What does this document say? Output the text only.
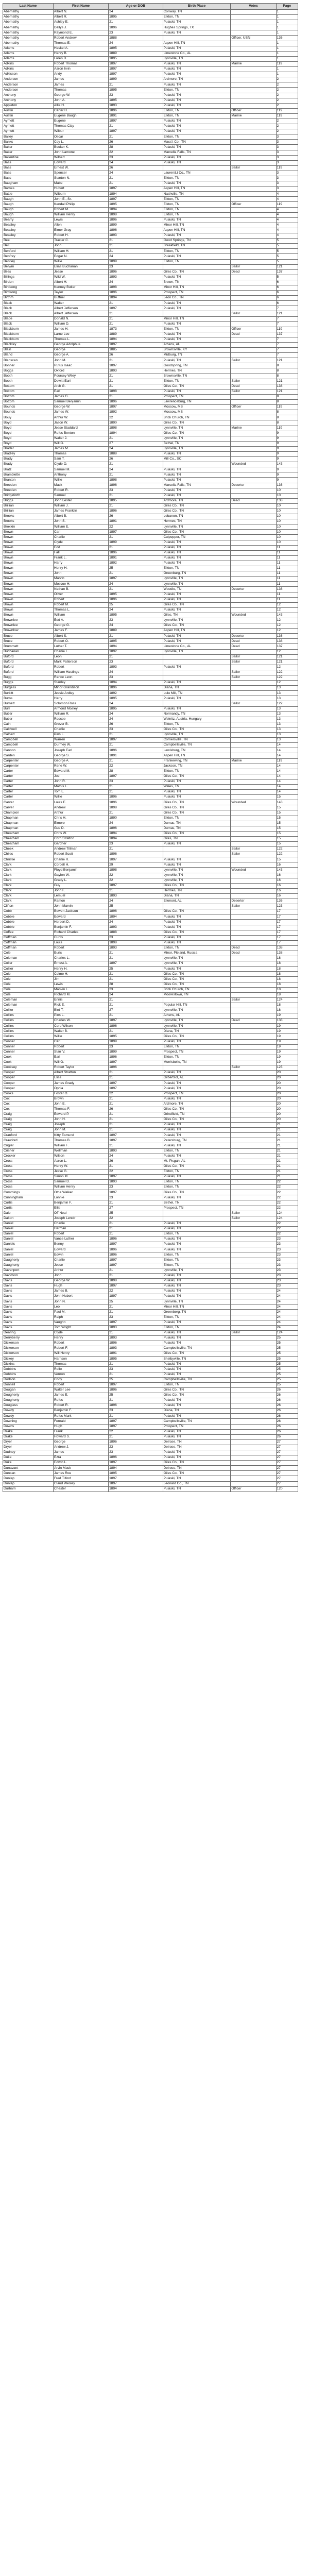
Last Name	First Name	Age or DOB	Birth Place	Votes	Page
Abernathy	Albert N.	24	Conway, TN		1
Abernathy	Albert R.	1895	Elkton, TN		1
Abernathy	Ashley E.	21	Pulaski, TN		1
Abernathy	Dallys J.	1896	Hughes Springs, TX		1
Abernathy	Raymond E.	23	Pulaski, TN		1
Abernathy	Robert Andrew	1888		Officer, USN	136
Abernathy	Thomas E.	24	Aspen Hill, TN		1
Adams	Haskel A.	1895	Pulaski, TN		1
Adams	Henry B.	1889	Limestone Co., AL		1
Adams	Loren D.	1895	Lynnville, TN		1
Adkins	Robert Thomas	1897	Pulaski, TN	Marine	119
Adkins	Aaron Irvin	1897	Pulaski, TN		1
Adkisson	Andy	1897	Pulaski, TN		1
Anderson	James	1899	Ardmore, TN		2
Anderson	James	21	Pulaski, TN		2
Anderson	Thomas	1895	Elkton, TN		2
Anthony	George W.	23	Pulaski, TN		2
Anthony	John A.	1895	Pulaski, TN		2
Appleton	Allie H.	1893	Pulaski, TN		2
Austin	Carter H.	1896	Elkton, TN	Officer	119
Austin	Eugene Baugh	1891	Elkton, TN	Marine	119
Aymett	Eugene	1897	Pulaski, TN		2
Aymett	Thomas Clay	21	Pulaski, TN		2
Aymett	Wilbur	1897	Pulaski, TN		2
Bailey	Oscar	21	Elkton, TN		3
Banks	Coy L.	26	Mass't Co., TN		3
Baker	Booker K.	28	Pulaski, TN		3
Baker	John Lamone	22	Marcella Falls, TN		3
Ballentine	Wilbert	23	Pulaski, TN		3
Bass	Edward	24	Pulaski, TN		3
Bass	Ernest W.	26		Sailor	119
Bass	Spencer	24	Lauren/Lt Co., TN		3
Bass	Stanton N.	21	Elkton, TN		3
Baugham	Mabe	21	Pulaski, TN		3
Barnes	Hubert	1897	Aspen Hill, TN		3
Battle	Wilburn	1894	Nashville, TN		4
Baugh	John E., Sr.	1897	Elkton, TN		4
Baugh	Kendall Philip	1895	Elkton, TN	Officer	119
Baugh	Robert M.	1894	Elkton, TN		4
Baugh	William Henry	1898	Elkton, TN		4
Bearry	Lewis	1896	Pulaski, TN		4
Beasley	Allen	1899	Minor Hill, TN		4
Beasley	Elmer Gray	1896	Aspen Hill, TN		4
Beasley	Robert H.	1893	Pulaski, TN		4
Bee	Tracier C.	21	Good Springs, TN		5
Bell	John	21	Breakfield, TN		5
Benford	William H.	21	Elkton, TN		5
Benfrey	Edgar N.	24	Pulaski, TN		5
Bentley	Willie	1899	Elkton, TN		5
Berwin	Elias Buchanan	23		Sailor	121
Biles	Jesse	1896	Giles Co., TN	Dead	137
Billings	Wild W.	1893	Pulaski, TN		5
Birden	Albert H.	24	Brown, TN		6
Birdsong	Kenney Butler	1898	Minor Hill, TN		6
Birdsong	Taylor	1896	Prospect, TN		6
Birthm	Buffuel	1894	Leon Co., TN		6
Black	Walter	21	Pulaski, TN		6
Black	Albert Jefferson	1897	Pulaski, TN		7
Black	Albert Jefferson	21		Sailor	121
Blade	Donald N.	21	Minor Hill, TN		7
Black	William D.	21	Pulaski, TN		7
Blackburn	James H.	1873	Elkton, TN	Officer	119
Blackburn	Larne Lee	1889	Pulaski, TN	Dead	137
Blackburn	Thomas L.	1894	Pulaski, TN		7
Blackley	George Adolphus	1897	Athens, AL		7
Blain	George	1885	Brownsville, KY		7
Bland	George A.	26	Midburg, TN		7
Blanscan	John M.	21	Pulaski, TN	Sailor	121
Bonner	Rufus Isaac	1897	Goodspring, TN		8
Boggs	Oxford	1893	Hermes, TN		8
Booth	Poursey Wiley	21	Brownsville, TN		8
Booth	Dewitt Earl	21	Elkton, TN	Sailor	121
Bottom	Arch G.	21	Giles Co., TN	Dead	138
Bottom	Earl	1898	Pulaski, TN	Sailor	121
Bottom	James G.	21	Prospect, TN		8
Bottom	Samuel Benjamin	1896	Lawrenceburg, TN		8
Bounds	George W.	1897	Moscow, MS	Officer	119
Bounds	James W.	1892	Moscow, MS		8
Bouy	Arthur W.	22	Brick Church, TN		8
Boyd	Jason W.	1890	Giles Co., TN		8
Boyd	Jesse Staddard	1898	Lynnville, TN	Marine	119
Boyd	Rufus Benton	1894	Giles Co., TN		9
Boyd	Walter J.	21	Lynnville, TN		9
Boyd	Will G.	27	Bethel, TN		9
Brader	James M.	24	Lynnville, TN		9
Bradley	Thomas	1888	Pulaski, TN		9
Brady	Sam T.	26	Mill Co., SC		9
Brady	Clyde O.	21		Wounded	143
Bratz	Samuel M.	24	Pulaski, TN		9
Bramblette	Anthony	21	Pulaski, TN		9
Branton	Willie	1898	Pulaski, TN		9
Breeden	Mack	1896	Marcella Falls, TN	Deserter	136
Breeden	Robert R.	23	Pulaski, TN		10
Bridgeforth	Samuel	21	Pulaski, TN		10
Briggs	John Lester	1895	Ardmore, TN	Dead	138
Brillian	William J.	21	Giles Co., TN		10
Brillian	James Franklin	1896	Giles Co., TN		10
Brooks	Albert B.	26	Lebanon, TN		10
Brooks	John S.	1891	Hermes, TN		10
Broxkin	William E.	22	Lynnville, TN		10
Brown	Carl	1897	Giles Co., TN		10
Brown	Charlie	21	Culpepper, TN		10
Brown	Clyde	1899	Pulaski, TN		10
Brown	Edd	21	Pulaski, TN		11
Brown	Fall	1896	Pulaski, TN		11
Brown	Frank L.	1891	Pulaski, TN		11
Brown	Harry	1892	Pulaski, TN		11
Brown	Henry H.	25	Elkton, TN		11
Brown	John	21	Greenburg, TN		11
Brown	Marvin	1897	Lynnville, TN		11
Brown	Moscoe H.	24	Lynnville, TN		11
Brown	Nathan B.	21	Woodlo, TN	Deserter	136
Brown	Oliver	1895	Pulaski, TN		11
Brown	Robert	1896	Pulaski, TN		11
Brown	Robert M.	25	Giles Co., TN		12
Brown	Thomas L.	24	Pulaski, TN		12
Brown	William	1895	Giles, TN	Wounded	143
Brownlee	Edd A.	23	Lynnville, TN		12
Brownlee	George G.	24	Giles Co., TN		12
Brownlow	James F.	1889	Aspen Hill, TN		12
Bruce	Albert S.	21	Pulaski, TN	Deserter	136
Bruce	Robert O.	1895	Pulaski, TN	Dead	138
Brummett	Luther T.	1894	Limestone Co., AL	Dead	137
Buchanan	Charlie L.	1892	Lynnville, TN		12
Buford	Leon	21		Sailor	121
Buford	Mark Patterson	23		Sailor	121
Buford	Robert	1893	Pulaski, TN		12
Buford	William Hastings	24		Sailor	122
Bugg	Rance Leon	23		Sailor	122
Buggs	Stanley	1894	Pulaski, TN		12
Burgess	Minor Grandison	1896	Diana, TN		13
Burkitt	Jessie Ardley	1892	Lulu Mill, TN		13
Burns	Harry	1895	Pulaski, TN		13
Burnett	Solomon Ross	24		Sailor	122
Burr	Armond Mosley	1895	Pulaski, TN		13
Butler	William R.	24	Normandy, TN		13
Butler	Roscoe	24	Weinitz, Austria, Hungary		13
Cain	Grover B.	26	Elkton, TN		13
Caldwell	Charlie	23	Giles Co., TN		13
Calbert	Pins L.	21	Lynnville, TN		13
Campbell	Warren	1897	Cornersville, TN		13
Campbell	Durmey W.	21	Campbellsville, TN		14
Cannon	Joseph Earl	1896	Lewisburg, TN		14
Carden	George S.	1891	Aspen Hill, TN		14
Carpenter	George A.	21	Frankewing, TN	Marine	119
Carpenter	Rene W.	22	Jackson, TN		14
Carter	Edward M.	28	Elkton, TN		14
Carter	Joe	1897	Giles Co., TN		14
Carter	John R.	23	Pulaski, TN		14
Carter	Mathis L.	21	Wales, TN		14
Carter	Tom L.	21	Pulaski, TN		14
Carter	Willie	1896	Pulaski, TN		15
Carver	Louis E.	1896	Giles Co., TN	Wounded	143
Carver	Andrew	1898	Giles Co., TN		15
Champion	Arthur	21	Giles Co., TN		15
Chapman	Chris H.	1890	Elkton, TN		15
Chapman	Elmore	24	Dumas, TN		15
Chapman	Gus D.	1896	Dumas, TN		15
Cheatham	Chris W.	1894	Giles Co., TN		15
Cheatham	Corn Stratton	1894	Giles, TN		15
Cheatham	Gardner	23	Pulaski, TN		15
Cheek	Andrew Tillman	21		Sailor	122
Chiles	Robert Scott	1896		Sailor	122
Christie	Charlie R.	1897	Pulaski, TN		15
Clark	Cordell H.	29	Pulaski, TN		16
Clark	Floyd Benjamin	1898	Lynnville, TN	Wounded	143
Clark	Gaylon W.	22	Lynnville, TN		16
Clark	Grady L.	22	Lynnville, TN		16
Clark	Guy	1897	Giles Co., TN		16
Clark	John F.	21	Hermes, TN		16
Clark	Lemuel	1893	Diana, TN		16
Clark	Ramon	24	Elkmont, AL	Deserter	136
Clifton	John Marvin	25		Sailor	123
Cobb	Bowen Jackson	1896	Giles Co., TN		17
Cobble	Edward	1894	Pulaski, TN		17
Cobble	Herbert D.	24	Pulaski, TN		17
Cobble	Benjamin F.	1893	Pulaski, TN		17
Coffee	Richard Charles	1888	Giles Co., TN		17
Coffman	Curtis	23	Pulaski, TN		17
Coffman	Louis	1898	Pulaski, TN		17
Coffman	Robert	1893	Elkton, TN	Dead	138
Cole	Euris	21	Minor, Pleland, Russia	Dead	138
Coleman	Charles L.	21	Lynnville, TN		18
Coller	Ernest A.	1897	Lynnville, TN		18
Collier	Henry H.	25	Pulaski, TN		18
Cole	Colme H.	21	Giles Co., TN		18
Cole	Jim	21	Giles Co., TN		18
Cole	Lewis	28	Giles Co., TN		18
Cole	Manvin L.	23	Brick Church, TN		18
Cole	Richard M.	24	Moorestown, TN		18
Coleman	Ennis	21		Sailor	124
Coleman	Rick E.	21	Popular Hill, TN		18
Collier	Bird T.	27	Lynnville, TN		18
Collins	Pins L.	21	Athens, AL		19
Collins	Charles W.	1897	Lynnville, TN	Dead	138
Collins	Cord Wilson	1896	Lynnville, TN		19
Collins	Walter B.	21	Diana, TN		19
Collins	Willie	1895	Giles Co., TN		19
Conner	Carl	1899	Pulaski, TN		19
Conner	Robert	23	Elkton, TN		19
Conner	Starr V.	1899	Prospect, TN		19
Cook	Earl	1896	Elkton, TN		19
Cook	Will O.	1897	Morrisbelle, TN		19
Cooksey	Robert Taylor	1896		Sailor	123
Cooper	Albert Stratton	21	Pulaski, TN		20
Cooper	Eliss	21	Gilbertsol, AL		20
Cooper	James Grady	1897	Pulaski, TN		20
Cooper	Ophia	1897	Pulaski, TN		20
Cooks	Foster O.	22	Prospect, TN		20
Cox	Brown	21	Pulaski, TN		20
Cox	John E.	21	Ardmore, TN		20
Cox	Thomas F.	26	Giles Co., TN		20
Craig	Edward P.	21	Grindfield, TN		20
Craig	John H.	21	Giles Co., TN		20
Craig	Joseph	21	Pulaski, TN		21
Craig	John M.	21	Pulaski, TN		21
Cranford	Kitty Esmund	1897	Pulaski, TN		21
Crawford	Thomas B.	1897	Petersburg, TN		21
Crigler	William F.	21	Pulaski, TN		21
Crisher	Wellman	1893	Elkton, TN		21
Crocker	Wilson	24	Pulaski, TN		21
Cross	Aaron L.	26	Mt. Pisgah, AL		21
Cross	Henry W.	21	Giles Co., TN		21
Cross	Jesse G.	22	Elkton, TN		21
Cross	Simon M.	1897	Pulaski, TN		21
Cross	Samuel D.	1893	Elkton, TN		22
Cross	William Henry	23	Elkton, TN		22
Cummings	Otha Walker	1897	Giles Co., TN		22
Cunningham	Lonnie	23	Pulaski, TN		22
Curtis	Benjamin F.	21	Bethel, TN		22
Curtis	Ellis	27	Prospect, TN		22
Dale	Off Neal	25		Sailor	124
Dalton	Joseph Lenoir	22		Sailor	124
Daniel	Charlie	21	Pulaski, TN		22
Daniel	Herman	21	Pulaski, TN		22
Daniel	Robert	21	Elkton, TN		22
Daniel	Vance Luther	1896	Pulaski, TN		23
Daniels	Benny	1897	Pulaski, TN		23
Daniel	Edward	1896	Pulaski, TN		23
Daniel	Edwin	1896	Elkton, TN		23
Daugherty	Charlie	1897	Elkton, TN		23
Daugherty	Jesse	1897	Elkton, TN		23
Davenport	Arthur	21	Lynnville, TN		23
Davidson	John	21	Pulaski, TN		23
Davis	George W.	1898	Pulaski, TN		23
Davis	Hugh	1897	Pulaski, TN		23
Davis	James B.	22	Pulaski, TN		24
Davis	John Hubert	1897	Pulaski, TN		24
Davis	John N.	25	Lynnville, TN		24
Davis	Leo	21	Minor Hill, TN		24
Davis	Paul M.	21	Greenberg, TN		24
Davis	Ralph	23	Elkton, TN		24
Davis	Vaughn	1897	Pulaski, TN		24
Davis	Tom Wright	1893	Elkton, TN		24
Dearing	Clyde	21	Pulaski, TN	Sailor	124
Derryberry	Henry	1893	Pulaski, TN		25
Dickerson	Robert	1896	Pulaski, TN		25
Dickerson	Robert F.	1893	Campbellsville, TN		25
Dickerson	Will Henry	1891	Giles Co., TN		25
Dickey	Harrison	1895	Shelbyville, TN		25
Dickins	Thomas	21	Pulaski, TN		25
Dobbins	Rollo	23	Pulaski, TN		25
Dobbins	Vernon	21	Pulaski, TN		25
Dodson	Cody	25	Campbellsville, TN		25
Donnell	Robert	1897	Elkton, TN		25
Dougan	Walter Lee	1896	Giles Co., TN		26
Dougherty	James E.	25	Giles Co., TN		26
Dougherty	Rufus	21	Pulaski, TN		26
Douglass	Robert R.	1896	Pulaski, TN		26
Dowdy	Benjamin F.	23	Diana, TN		26
Dowdy	Rufus Mark	21	Pulaski, TN		26
Downing	Fernald	1897	Campbellsville, TN		26
Downs	Hugh	1897	Prospect, TN		26
Drake	Frank	22	Pulaski, TN		26
Drake	Howard S.	21	Pulaski, TN		26
Dryer	George	1896	Delrose, TN		27
Dryer	Andrew J.	23	Delrose, TN		27
Dudney	James	23	Pulaski, TN		27
Duke	Ezra	1896	Pulaski, TN		27
Duke	Edwin L.	1897	Giles Co., TN		27
Dunavant	Arvin Mack	1894	Delrose, TN		27
Duncan	James Roe	1895	Giles Co., TN		27
Dunlap	Fred Tilford	1897	Pulaski, TN		27
Dunlap	Claud Wesley	1897	Leonard Co., TN		27
Durham	Chester	1894	Pulaski, TN	Officer	120
